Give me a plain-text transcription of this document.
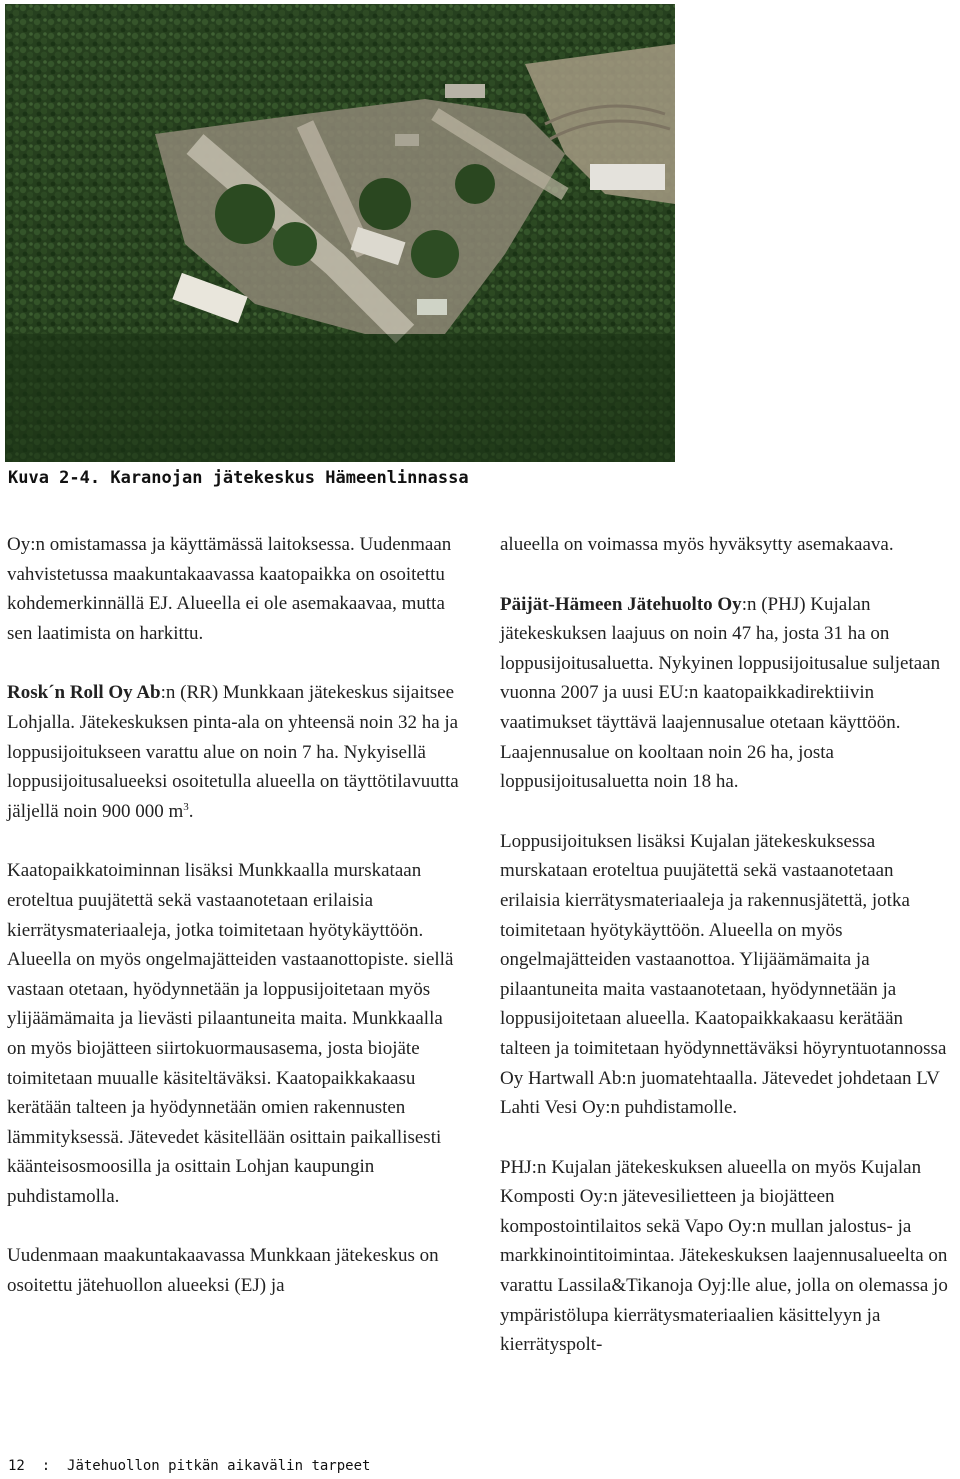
Kuva 2-4. Karanojan jätekeskus Hämeenlinnassa

Oy:n omistamassa ja käyttämässä laitoksessa. Uudenmaan vahvistetussa maakuntakaavassa kaatopaikka on osoitettu kohdemerkinnällä EJ. Alueella ei ole asemakaavaa, mutta sen laatimista on harkittu.

Rosk´n Roll Oy Ab:n (RR) Munkkaan jätekeskus sijaitsee Lohjalla. Jätekeskuksen pinta-ala on yhteensä noin 32 ha ja loppusijoitukseen varattu alue on noin 7 ha. Nykyisellä loppusijoitusalueeksi osoitetulla alueella on täyttötilavuutta jäljellä noin 900 000 $m^3$.

Kaatopaikkatoiminnan lisäksi Munkkaalla murskataan eroteltua puujätettä sekä vastaanotetaan erilaisia kierrätysmateriaaleja, jotka toimitetaan hyötykäyttöön. Alueella on myös ongelmajätteiden vastaanottopiste. siellä vastaan otetaan, hyödynnetään ja loppusijoitetaan myös ylijäämämaita ja lievästi pilaantuneita maita. Munkkaalla on myös biojätteen siirtokuormausasema, josta biojäte toimitetaan muualle käsiteltäväksi. Kaatopaikkakaasu kerätään talteen ja hyödynnetään omien rakennusten lämmityksessä. Jätevedet käsitellään osittain paikallisesti käänteisosmoosilla ja osittain Lohjan kaupungin puhdistamolla.

Uudenmaan maakuntakaavassa Munkkaan jätekeskus on osoitettu jätehuollon alueeksi (EJ) ja

alueella on voimassa myös hyväksytty asemakaava.

Päijät-Hämeen Jätehuolto Oy:n (PHJ) Kujalan jätekeskuksen laajuus on noin 47 ha, josta 31 ha on loppusijoitusaluetta. Nykyinen loppusijoitusalue suljetaan vuonna 2007 ja uusi EU:n kaatopaikkadirektiivin vaatimukset täyttävä laajennusalue otetaan käyttöön. Laajennusalue on kooltaan noin 26 ha, josta loppusijoitusaluetta noin 18 ha.

Loppusijoituksen lisäksi Kujalan jätekeskuksessa murskataan eroteltua puujätettä sekä vastaanotetaan erilaisia kierrätysmateriaaleja ja rakennusjätettä, jotka toimitetaan hyötykäyttöön. Alueella on myös ongelmajätteiden vastaanottoa. Ylijäämämaita ja pilaantuneita maita vastaanotetaan, hyödynnetään ja loppusijoitetaan alueella. Kaatopaikkakaasu kerätään talteen ja toimitetaan hyödynnettäväksi höyryntuotannossa Oy Hartwall Ab:n juomatehtaalla. Jätevedet johdetaan LV Lahti Vesi Oy:n puhdistamolle.

PHJ:n Kujalan jätekeskuksen alueella on myös Kujalan Komposti Oy:n jätevesilietteen ja biojätteen kompostointilaitos sekä Vapo Oy:n mullan jalostus- ja markkinointitoimintaa. Jätekeskuksen laajennusalueelta on varattu Lassila&Tikanoja Oyj:lle alue, jolla on olemassa jo ympäristölupa kierrätysmateriaalien käsittelyyn ja kierrätyspolt-

12 : Jätehuollon pitkän aikavälin tarpeet
